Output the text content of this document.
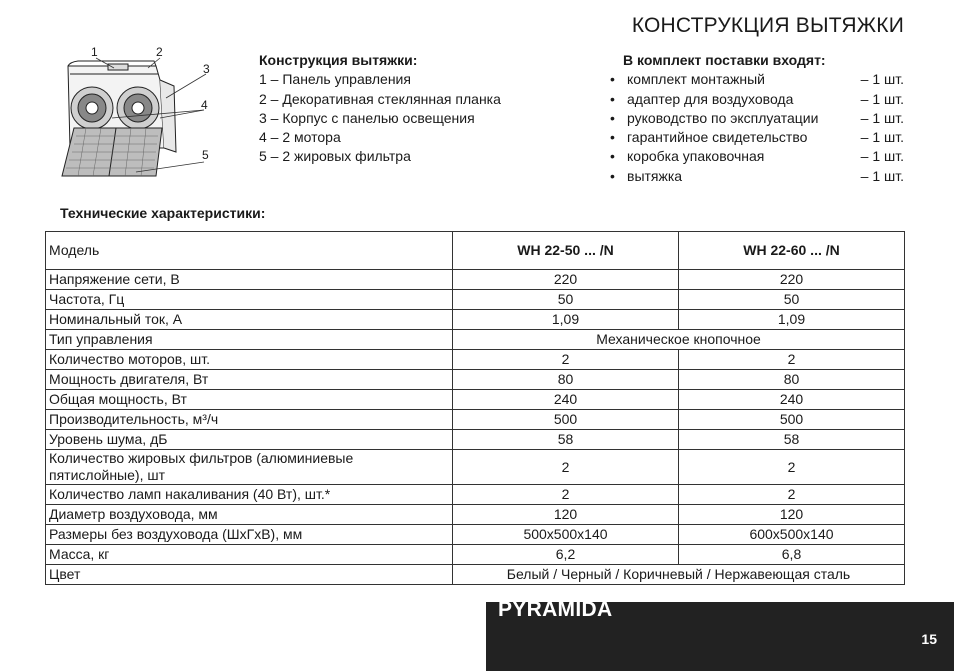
КОНСТРУКЦИЯ ВЫТЯЖКИ
1	2
3
4
5
Конструкция вытяжки:
1 – Панель управления
2 – Декоративная стеклянная планка
3 – Корпус с панелью освещения
4 – 2 мотора
5 – 2 жировых фильтра
В комплект поставки входят:
• комплект монтажный	– 1 шт.
• адаптер для воздуховода	– 1 шт.
• руководство по эксплуатации	– 1 шт.
• гарантийное свидетельство	– 1 шт.
• коробка упаковочная	– 1 шт.
• вытяжка	– 1 шт.
Технические характеристики:
Модель	WH 22-50 ... /N	WH 22-60 ... /N
Напряжение сети, В	220	220
Частота, Гц	50	50
Номинальный ток, А	1,09	1,09
Тип управления	Механическое кнопочное	
Количество моторов, шт.	2	2
Мощность двигателя, Вт	80	80
Общая мощность, Вт	240	240
Производительность, м³/ч	500	500
Уровень шума, дБ	58	58
Количество жировых фильтров (алюминиевые пятислойные), шт	2	2
Количество ламп накаливания (40 Вт), шт.*	2	2
Диаметр воздуховода, мм	120	120
Размеры без воздуховода (ШхГхВ), мм	500х500х140	600х500х140
Масса, кг	6,2	6,8
Цвет	Белый / Черный / Коричневый / Нержавеющая сталь	
PYRAMIDA
15
